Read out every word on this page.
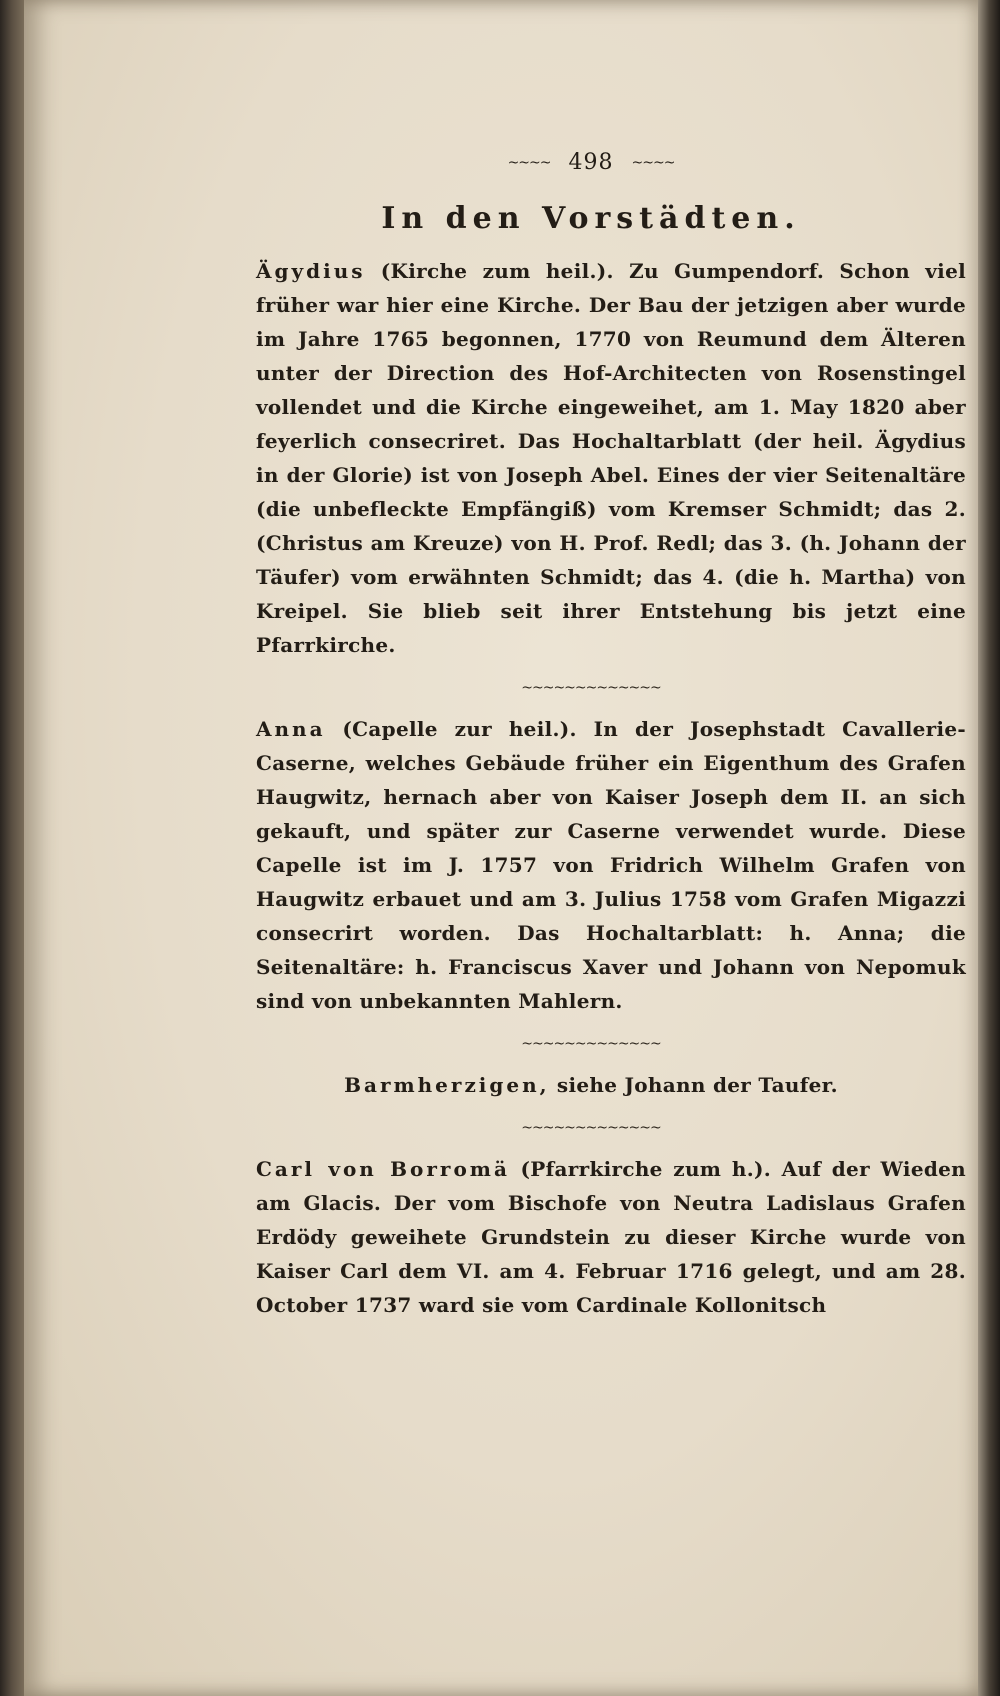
~~~~ 498 ~~~~
In den Vorstädten.

Ägydius (Kirche zum heil.). Zu Gumpendorf. Schon viel früher war hier eine Kirche. Der Bau der jetzigen aber wurde im Jahre 1765 begonnen, 1770 von Reumund dem Älteren unter der Direction des Hof-Architecten von Rosenstingel vollendet und die Kirche eingeweihet, am 1. May 1820 aber feyerlich consecriret. Das Hochaltarblatt (der heil. Ägydius in der Glorie) ist von Joseph Abel. Eines der vier Seitenaltäre (die unbefleckte Empfängiß) vom Kremser Schmidt; das 2. (Christus am Kreuze) von H. Prof. Redl; das 3. (h. Johann der Täufer) vom erwähnten Schmidt; das 4. (die h. Martha) von Kreipel. Sie blieb seit ihrer Entstehung bis jetzt eine Pfarrkirche.

~~~~~~~~~~~~~

Anna (Capelle zur heil.). In der Josephstadt Cavallerie-Caserne, welches Gebäude früher ein Eigenthum des Grafen Haugwitz, hernach aber von Kaiser Joseph dem II. an sich gekauft, und später zur Caserne verwendet wurde. Diese Capelle ist im J. 1757 von Fridrich Wilhelm Grafen von Haugwitz erbauet und am 3. Julius 1758 vom Grafen Migazzi consecrirt worden. Das Hochaltarblatt: h. Anna; die Seitenaltäre: h. Franciscus Xaver und Johann von Nepomuk sind von unbekannten Mahlern.

~~~~~~~~~~~~~

Barmherzigen, siehe Johann der Taufer.

~~~~~~~~~~~~~

Carl von Borromä (Pfarrkirche zum h.). Auf der Wieden am Glacis. Der vom Bischofe von Neutra Ladislaus Grafen Erdödy geweihete Grundstein zu dieser Kirche wurde von Kaiser Carl dem VI. am 4. Februar 1716 gelegt, und am 28. October 1737 ward sie vom Cardinale Kollonitsch
